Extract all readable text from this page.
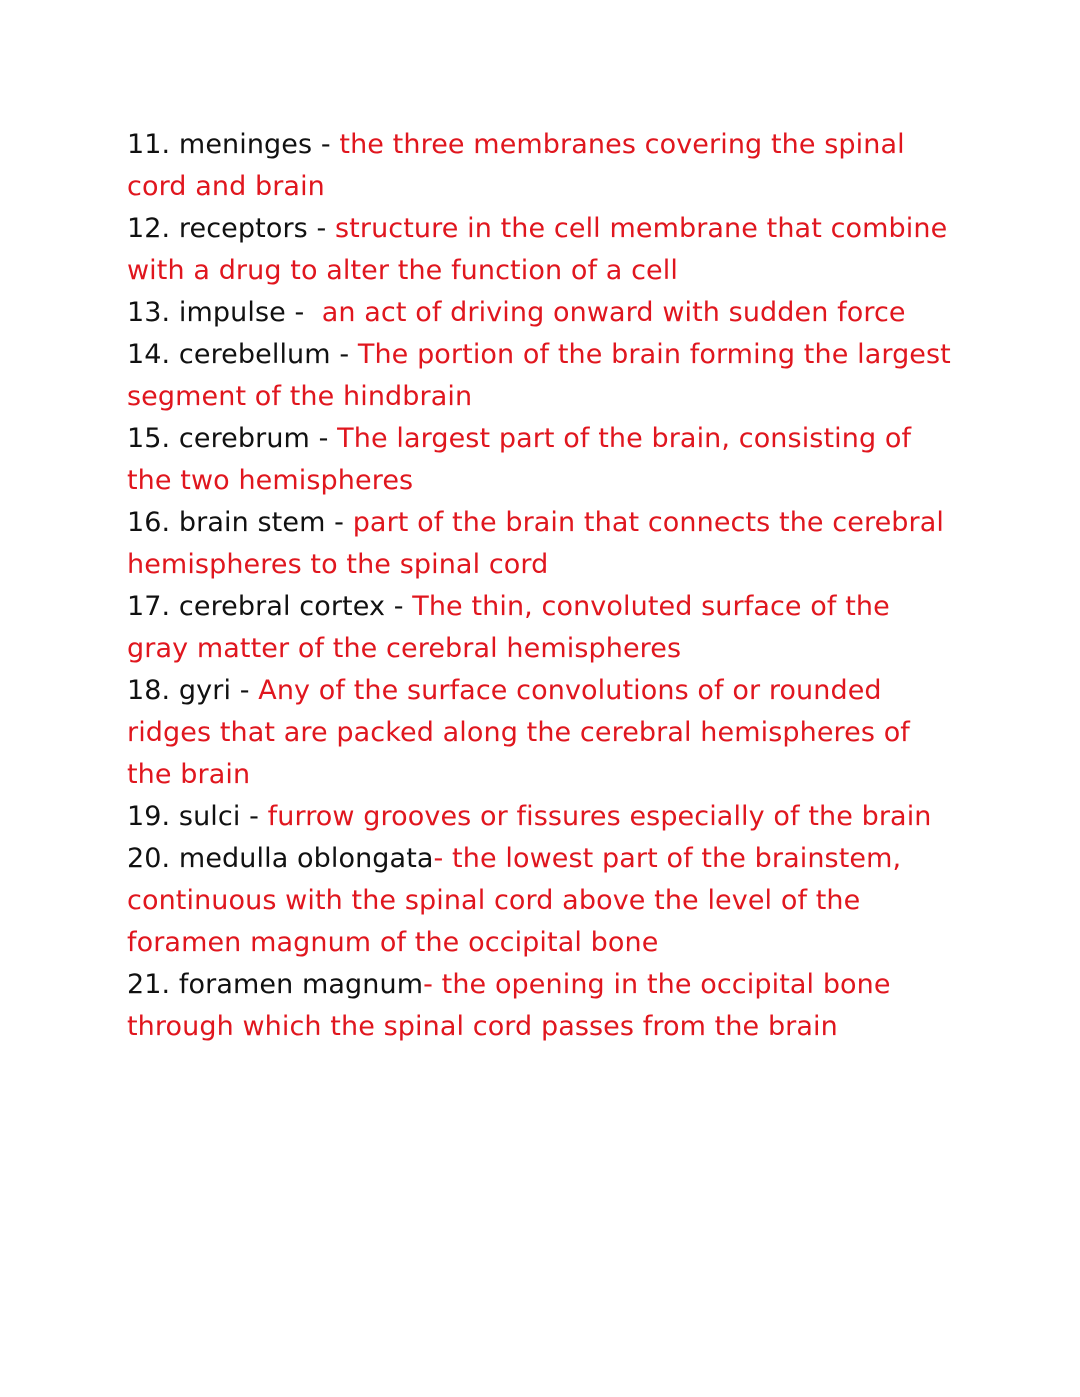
11. meninges - the three membranes covering the spinal cord and brain

12. receptors - structure in the cell membrane that combine with a drug to alter the function of a cell

13. impulse -  an act of driving onward with sudden force

14. cerebellum - The portion of the brain forming the largest segment of the hindbrain

15. cerebrum - The largest part of the brain, consisting of the two hemispheres

16. brain stem - part of the brain that connects the cerebral hemispheres to the spinal cord

17. cerebral cortex - The thin, convoluted surface of the gray matter of the cerebral hemispheres

18. gyri - Any of the surface convolutions of or rounded ridges that are packed along the cerebral hemispheres of the brain

19. sulci - furrow grooves or fissures especially of the brain

20. medulla oblongata- the lowest part of the brainstem, continuous with the spinal cord above the level of the foramen magnum of the occipital bone

21. foramen magnum- the opening in the occipital bone through which the spinal cord passes from the brain
